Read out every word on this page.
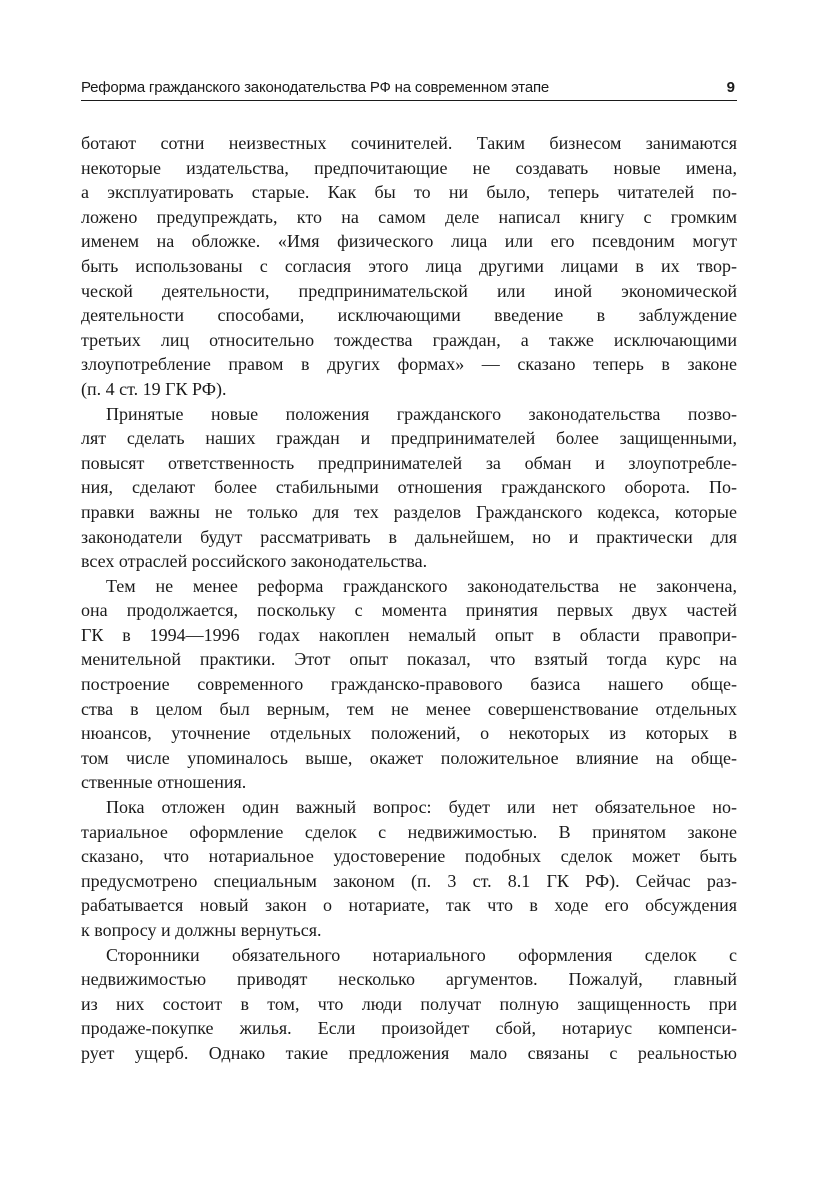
Реформа гражданского законодательства РФ на современном этапе	9
ботают сотни неизвестных сочинителей. Таким бизнесом занимаются
некоторые издательства, предпочитающие не создавать новые имена,
а эксплуатировать старые. Как бы то ни было, теперь читателей по-
ложено предупреждать, кто на самом деле написал книгу с громким
именем на обложке. «Имя физического лица или его псевдоним могут
быть использованы с согласия этого лица другими лицами в их твор-
ческой деятельности, предпринимательской или иной экономической
деятельности способами, исключающими введение в заблуждение
третьих лиц относительно тождества граждан, а также исключающими
злоупотребление правом в других формах» — сказано теперь в законе
(п. 4 ст. 19 ГК РФ).
Принятые новые положения гражданского законодательства позво-
лят сделать наших граждан и предпринимателей более защищенными,
повысят ответственность предпринимателей за обман и злоупотребле-
ния, сделают более стабильными отношения гражданского оборота. По-
правки важны не только для тех разделов Гражданского кодекса, которые
законодатели будут рассматривать в дальнейшем, но и практически для
всех отраслей российского законодательства.
Тем не менее реформа гражданского законодательства не закончена,
она продолжается, поскольку с момента принятия первых двух частей
ГК в 1994—1996 годах накоплен немалый опыт в области правопри-
менительной практики. Этот опыт показал, что взятый тогда курс на
построение современного гражданско-правового базиса нашего обще-
ства в целом был верным, тем не менее совершенствование отдельных
нюансов, уточнение отдельных положений, о некоторых из которых в
том числе упоминалось выше, окажет положительное влияние на обще-
ственные отношения.
Пока отложен один важный вопрос: будет или нет обязательное но-
тариальное оформление сделок с недвижимостью. В принятом законе
сказано, что нотариальное удостоверение подобных сделок может быть
предусмотрено специальным законом (п. 3 ст. 8.1 ГК РФ). Сейчас раз-
рабатывается новый закон о нотариате, так что в ходе его обсуждения
к вопросу и должны вернуться.
Сторонники обязательного нотариального оформления сделок с
недвижимостью приводят несколько аргументов. Пожалуй, главный
из них состоит в том, что люди получат полную защищенность при
продаже-покупке жилья. Если произойдет сбой, нотариус компенси-
рует ущерб. Однако такие предложения мало связаны с реальностью
